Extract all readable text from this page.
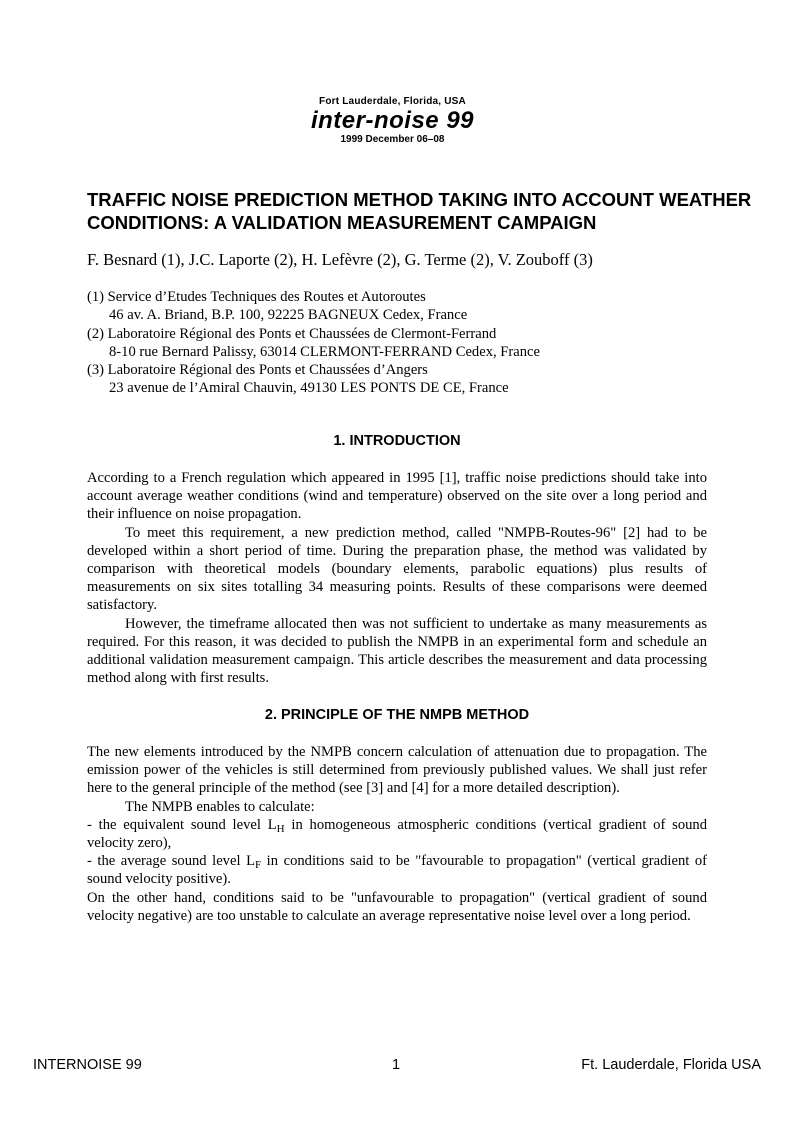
Fort Lauderdale, Florida, USA
inter-noise 99
1999 December 06–08
TRAFFIC NOISE PREDICTION METHOD TAKING INTO ACCOUNT WEATHER CONDITIONS: A VALIDATION MEASUREMENT CAMPAIGN
F. Besnard (1), J.C. Laporte (2), H. Lefèvre (2), G. Terme (2), V. Zouboff (3)
(1) Service d’Etudes Techniques des Routes et Autoroutes
46 av. A. Briand, B.P. 100, 92225 BAGNEUX Cedex, France
(2) Laboratoire Régional des Ponts et Chaussées de Clermont-Ferrand
8-10 rue Bernard Palissy, 63014 CLERMONT-FERRAND Cedex, France
(3) Laboratoire Régional des Ponts et Chaussées d’Angers
23 avenue de l’Amiral Chauvin, 49130 LES PONTS DE CE, France
1. INTRODUCTION

According to a French regulation which appeared in 1995 [1], traffic noise predictions should take into account average weather conditions (wind and temperature) observed on the site over a long period and their influence on noise propagation.

To meet this requirement, a new prediction method, called "NMPB-Routes-96" [2] had to be developed within a short period of time. During the preparation phase, the method was validated by comparison with theoretical models (boundary elements, parabolic equations) plus results of measurements on six sites totalling 34 measuring points. Results of these comparisons were deemed satisfactory.

However, the timeframe allocated then was not sufficient to undertake as many measurements as required. For this reason, it was decided to publish the NMPB in an experimental form and schedule an additional validation measurement campaign. This article describes the measurement and data processing method along with first results.

2. PRINCIPLE OF THE NMPB METHOD

The new elements introduced by the NMPB concern calculation of attenuation due to propagation. The emission power of the vehicles is still determined from previously published values. We shall just refer here to the general principle of the method (see [3] and [4] for a more detailed description).

The NMPB enables to calculate:

- the equivalent sound level $L_H$ in homogeneous atmospheric conditions (vertical gradient of sound velocity zero),

- the average sound level $L_F$ in conditions said to be "favourable to propagation" (vertical gradient of sound velocity positive).

On the other hand, conditions said to be "unfavourable to propagation" (vertical gradient of sound velocity negative) are too unstable to calculate an average representative noise level over a long period.

INTERNOISE 99	1	Ft. Lauderdale, Florida USA
